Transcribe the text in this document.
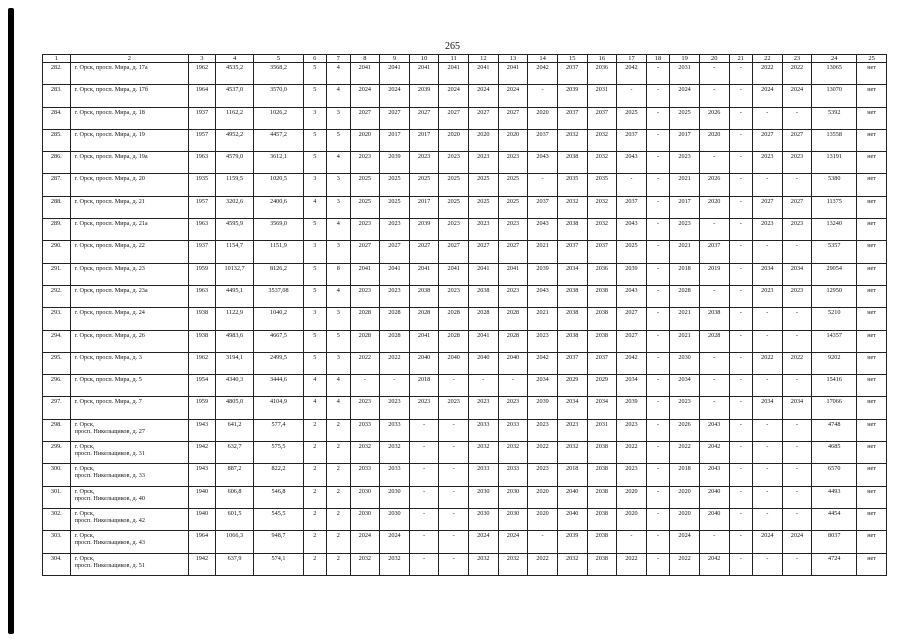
265
1	2	3	4	5	6	7	8	9	10	11	12	13	14	15	16	17	18	19	20	21	22	23	24	25
282.	г. Орск, просп. Мира, д. 17а	1962	4535,2	3568,2	5	4	2041	2041	2041	2041	2041	2041	2042	2037	2036	2042	-	2031	-	-	2022	2022	13065	нет
283.	г. Орск, просп. Мира, д. 17б	1964	4537,0	3570,0	5	4	2024	2024	2039	2024	2024	2024	-	2039	2031	-	-	2024	-	-	2024	2024	13070	нет
284.	г. Орск, просп. Мира, д. 18	1937	1162,2	1026,2	3	3	2027	2027	2027	2027	2027	2027	2020	2037	2037	2025	-	2025	2026	-	-	-	5392	нет
285.	г. Орск, просп. Мира, д. 19	1957	4952,2	4457,2	5	5	2020	2017	2017	2020	2020	2020	2037	2032	2032	2037	-	2017	2020	-	2027	2027	13558	нет
286.	г. Орск, просп. Мира, д. 19а	1963	4579,0	3612,1	5	4	2023	2039	2023	2023	2023	2023	2043	2038	2032	2043	-	2023	-	-	2023	2023	13191	нет
287.	г. Орск, просп. Мира, д. 20	1935	1159,5	1020,5	3	3	2025	2025	2025	2025	2025	2025	-	2035	2035	-	-	2021	2026	-	-	-	5380	нет
288.	г. Орск, просп. Мира, д. 21	1957	3202,6	2400,6	4	3	2025	2025	2017	2025	2025	2025	2037	2032	2032	2037	-	2017	2020	-	2027	2027	11375	нет
289.	г. Орск, просп. Мира, д. 21а	1963	4595,9	3569,0	5	4	2023	2023	2039	2023	2023	2023	2043	2038	2032	2043	-	2023	-	-	2023	2023	13240	нет
290.	г. Орск, просп. Мира, д. 22	1937	1154,7	1151,9	3	3	2027	2027	2027	2027	2027	2027	2021	2037	2037	2025	-	2021	2037	-	-	-	5357	нет
291.	г. Орск, просп. Мира, д. 23	1959	10132,7	8126,2	5	8	2041	2041	2041	2041	2041	2041	2039	2034	2036	2039	-	2018	2019	-	2034	2034	29054	нет
292.	г. Орск, просп. Мира, д. 23а	1963	4495,1	3537,08	5	4	2023	2023	2038	2023	2038	2023	2043	2038	2038	2043	-	2028	-	-	2023	2023	12950	нет
293.	г. Орск, просп. Мира, д. 24	1938	1122,9	1040,2	3	3	2028	2028	2028	2028	2028	2028	2021	2038	2038	2027	-	2021	2038	-	-	-	5210	нет
294.	г. Орск, просп. Мира, д. 26	1938	4983,6	4667,5	5	5	2028	2028	2041	2028	2041	2028	2023	2038	2038	2027	-	2021	2028	-	-	-	14357	нет
295.	г. Орск, просп. Мира, д. 3	1962	3194,1	2499,5	5	3	2022	2022	2040	2040	2040	2040	2042	2037	2037	2042	-	2030	-	-	2022	2022	9202	нет
296.	г. Орск, просп. Мира, д. 5	1954	4340,3	3444,6	4	4	-	-	2018	-	-	-	2034	2029	2029	2034	-	2034	-	-	-	-	15416	нет
297.	г. Орск, просп. Мира, д. 7	1959	4805,0	4104,9	4	4	2023	2023	2023	2023	2023	2023	2039	2034	2034	2039	-	2023	-	-	2034	2034	17066	нет
298.	г. Орск,
просп. Никельщиков, д. 27	1943	641,2	577,4	2	2	2033	2033	-	-	2033	2033	2023	2023	2031	2023	-	2026	2043	-	-	-	4748	нет
299.	г. Орск,
просп. Никельщиков, д. 31	1942	632,7	575,5	2	2	2032	2032	-	-	2032	2032	2022	2032	2038	2022	-	2022	2042	-	-	-	4685	нет
300.	г. Орск,
просп. Никельщиков, д. 33	1943	887,2	822,2	2	2	2033	2033	-	-	2033	2033	2023	2018	2038	2023	-	2018	2043	-	-	-	6570	нет
301.	г. Орск,
просп. Никельщиков, д. 40	1940	606,8	546,8	2	2	2030	2030	-	-	2030	2030	2020	2040	2038	2020	-	2020	2040	-	-	-	4493	нет
302.	г. Орск,
просп. Никельщиков, д. 42	1940	601,5	545,5	2	2	2030	2030	-	-	2030	2030	2020	2040	2038	2020	-	2020	2040	-	-	-	4454	нет
303.	г. Орск,
просп. Никельщиков, д. 43	1964	1066,3	948,7	2	2	2024	2024	-	-	2024	2024	-	2039	2038	-	-	2024	-	-	2024	2024	8037	нет
304.	г. Орск,
просп. Никельщиков, д. 51	1942	637,9	574,1	2	2	2032	2032	-	-	2032	2032	2022	2032	2038	2022	-	2022	2042	-	-	-	4724	нет
